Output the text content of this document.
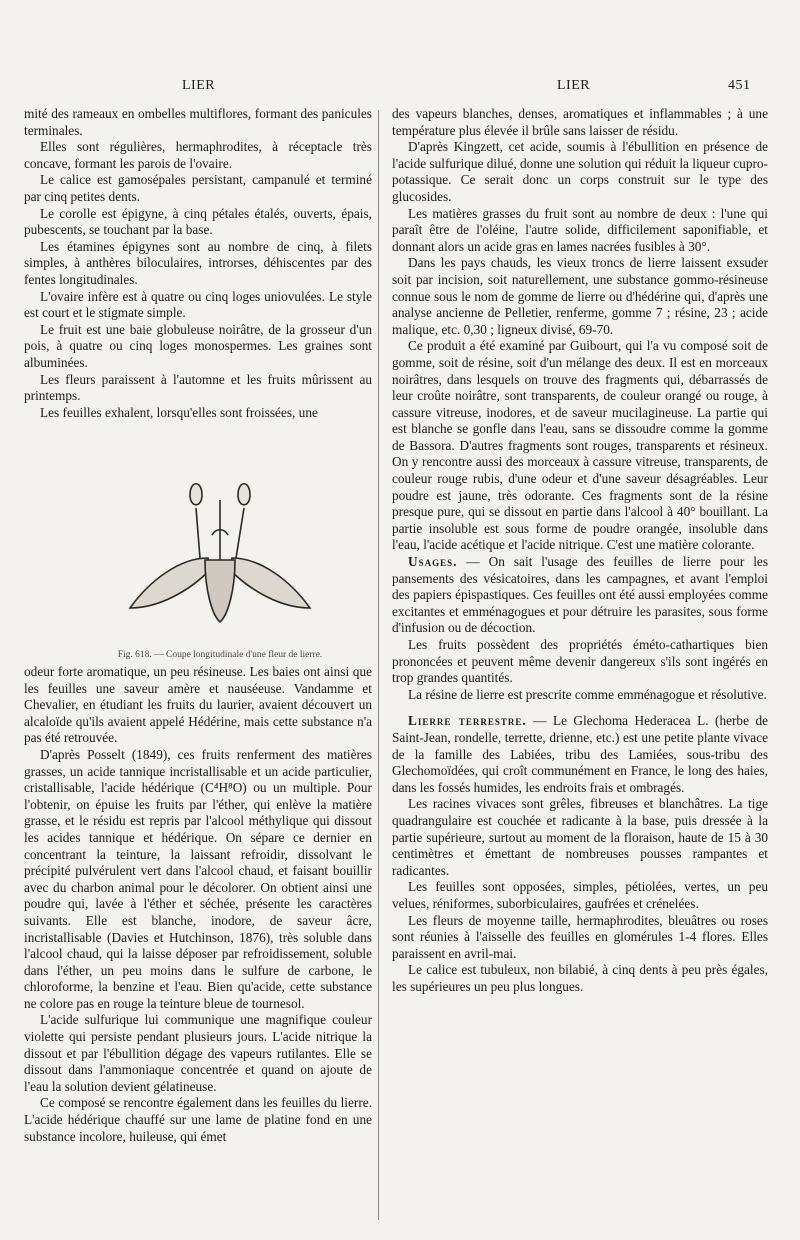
LIER	LIER	451

mité des rameaux en ombelles multiflores, formant des panicules terminales.

Elles sont régulières, hermaphrodites, à réceptacle très concave, formant les parois de l'ovaire.

Le calice est gamosépales persistant, campanulé et terminé par cinq petites dents.

Le corolle est épigyne, à cinq pétales étalés, ouverts, épais, pubescents, se touchant par la base.

Les étamines épigynes sont au nombre de cinq, à filets simples, à anthères biloculaires, introrses, déhiscentes par des fentes longitudinales.

L'ovaire infère est à quatre ou cinq loges uniovulées. Le style est court et le stigmate simple.

Le fruit est une baie globuleuse noirâtre, de la grosseur d'un pois, à quatre ou cinq loges monospermes. Les graines sont albuminées.

Les fleurs paraissent à l'automne et les fruits mûrissent au printemps.

Les feuilles exhalent, lorsqu'elles sont froissées, une

Fig. 618. — Coupe longitudinale d'une fleur de lierre.

odeur forte aromatique, un peu résineuse. Les baies ont ainsi que les feuilles une saveur amère et nauséeuse. Vandamme et Chevalier, en étudiant les fruits du laurier, avaient découvert un alcaloïde qu'ils avaient appelé Hédérine, mais cette substance n'a pas été retrouvée.

D'après Posselt (1849), ces fruits renferment des matières grasses, un acide tannique incristallisable et un acide particulier, cristallisable, l'acide hédérique (C⁴H⁸O) ou un multiple. Pour l'obtenir, on épuise les fruits par l'éther, qui enlève la matière grasse, et le résidu est repris par l'alcool méthylique qui dissout les acides tannique et hédérique. On sépare ce dernier en concentrant la teinture, la laissant refroidir, dissolvant le précipité pulvérulent vert dans l'alcool chaud, et faisant bouillir avec du charbon animal pour le décolorer. On obtient ainsi une poudre qui, lavée à l'éther et séchée, présente les caractères suivants. Elle est blanche, inodore, de saveur âcre, incristallisable (Davies et Hutchinson, 1876), très soluble dans l'alcool chaud, qui la laisse déposer par refroidissement, soluble dans l'éther, un peu moins dans le sulfure de carbone, le chloroforme, la benzine et l'eau. Bien qu'acide, cette substance ne colore pas en rouge la teinture bleue de tournesol.

L'acide sulfurique lui communique une magnifique couleur violette qui persiste pendant plusieurs jours. L'acide nitrique la dissout et par l'ébullition dégage des vapeurs rutilantes. Elle se dissout dans l'ammoniaque concentrée et quand on ajoute de l'eau la solution devient gélatineuse.

Ce composé se rencontre également dans les feuilles du lierre. L'acide hédérique chauffé sur une lame de platine fond en une substance incolore, huileuse, qui émet

des vapeurs blanches, denses, aromatiques et inflammables ; à une température plus élevée il brûle sans laisser de résidu.

D'après Kingzett, cet acide, soumis à l'ébullition en présence de l'acide sulfurique dilué, donne une solution qui réduit la liqueur cupro-potassique. Ce serait donc un corps construit sur le type des glucosides.

Les matières grasses du fruit sont au nombre de deux : l'une qui paraît être de l'oléine, l'autre solide, difficilement saponifiable, et donnant alors un acide gras en lames nacrées fusibles à 30°.

Dans les pays chauds, les vieux troncs de lierre laissent exsuder soit par incision, soit naturellement, une substance gommo-résineuse connue sous le nom de gomme de lierre ou d'hédérine qui, d'après une analyse ancienne de Pelletier, renferme, gomme 7 ; résine, 23 ; acide malique, etc. 0,30 ; ligneux divisé, 69-70.

Ce produit a été examiné par Guibourt, qui l'a vu composé soit de gomme, soit de résine, soit d'un mélange des deux. Il est en morceaux noirâtres, dans lesquels on trouve des fragments qui, débarrassés de leur croûte noirâtre, sont transparents, de couleur orangé ou rouge, à cassure vitreuse, inodores, et de saveur mucilagineuse. La partie qui est blanche se gonfle dans l'eau, sans se dissoudre comme la gomme de Bassora. D'autres fragments sont rouges, transparents et résineux. On y rencontre aussi des morceaux à cassure vitreuse, transparents, de couleur rouge rubis, d'une odeur et d'une saveur désagréables. Leur poudre est jaune, très odorante. Ces fragments sont de la résine presque pure, qui se dissout en partie dans l'alcool à 40° bouillant. La partie insoluble est sous forme de poudre orangée, insoluble dans l'eau, l'acide acétique et l'acide nitrique. C'est une matière colorante.

Usages. — On sait l'usage des feuilles de lierre pour les pansements des vésicatoires, dans les campagnes, et avant l'emploi des papiers épispastiques. Ces feuilles ont été aussi employées comme excitantes et emménagogues et pour détruire les parasites, sous forme d'infusion ou de décoction.

Les fruits possèdent des propriétés éméto-cathartiques bien prononcées et peuvent même devenir dangereux s'ils sont ingérés en trop grandes quantités.

La résine de lierre est prescrite comme emménagogue et résolutive.

Lierre terrestre. — Le Glechoma Hederacea L. (herbe de Saint-Jean, rondelle, terrette, drienne, etc.) est une petite plante vivace de la famille des Labiées, tribu des Lamiées, sous-tribu des Glechomoïdées, qui croît communément en France, le long des haies, dans les fossés humides, les endroits frais et ombragés.

Les racines vivaces sont grêles, fibreuses et blanchâtres. La tige quadrangulaire est couchée et radicante à la base, puis dressée à la partie supérieure, surtout au moment de la floraison, haute de 15 à 30 centimètres et émettant de nombreuses pousses rampantes et radicantes.

Les feuilles sont opposées, simples, pétiolées, vertes, un peu velues, réniformes, suborbiculaires, gaufrées et crénelées.

Les fleurs de moyenne taille, hermaphrodites, bleuâtres ou roses sont réunies à l'aisselle des feuilles en glomérules 1-4 flores. Elles paraissent en avril-mai.

Le calice est tubuleux, non bilabié, à cinq dents à peu près égales, les supérieures un peu plus longues.
